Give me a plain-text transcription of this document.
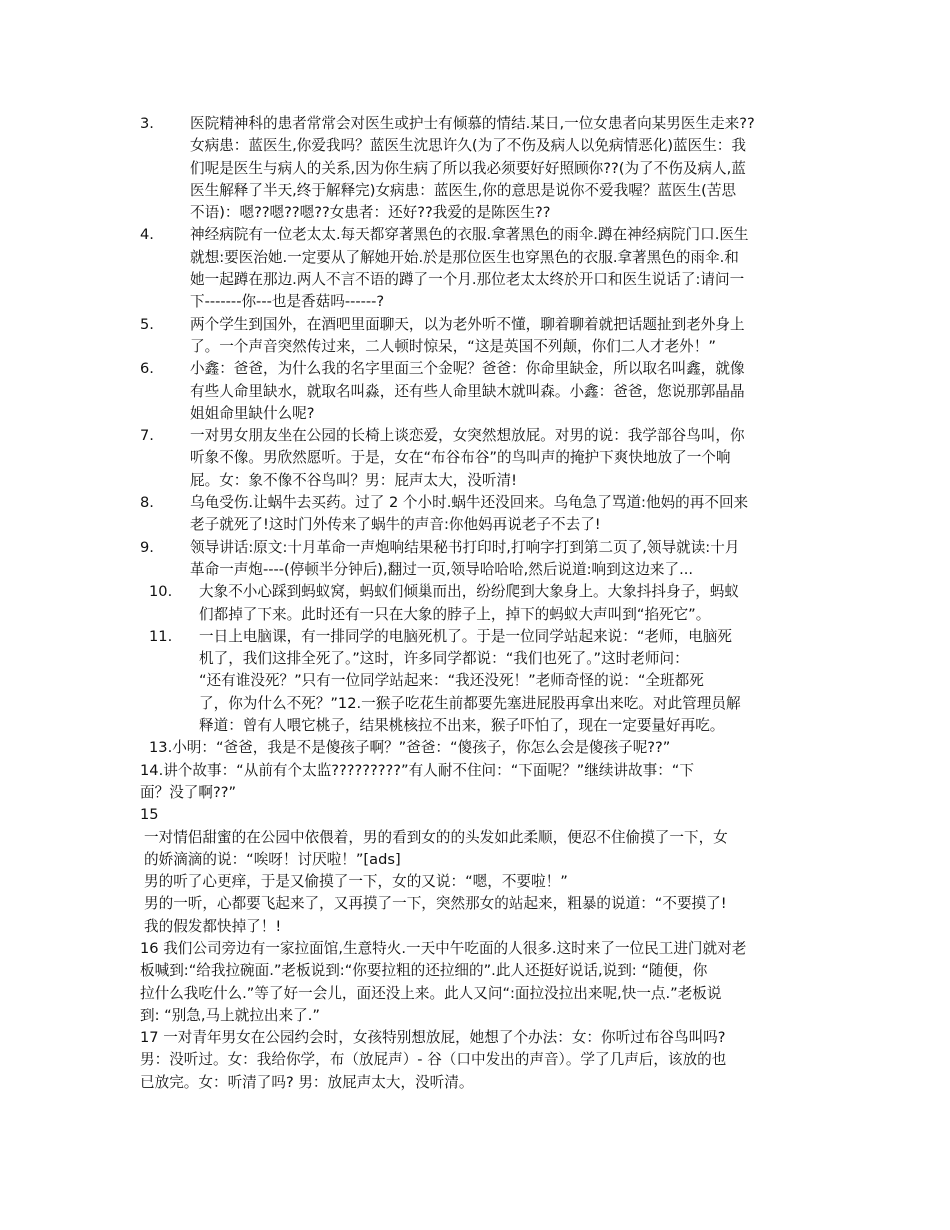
3.	医院精神科的患者常常会对医生或护士有倾慕的情结.某日,一位女患者向某男医生走来??
女病患：蓝医生,你爱我吗？蓝医生沈思许久(为了不伤及病人以免病情恶化)蓝医生：我
们呢是医生与病人的关系,因为你生病了所以我必须要好好照顾你??(为了不伤及病人,蓝
医生解释了半天,终于解释完)女病患：蓝医生,你的意思是说你不爱我喔？蓝医生(苦思
不语)：嗯??嗯??嗯??女患者：还好??我爱的是陈医生??
4.	神经病院有一位老太太.每天都穿著黑色的衣服.拿著黑色的雨伞.蹲在神经病院门口.医生
就想:要医治她.一定要从了解她开始.於是那位医生也穿黑色的衣服.拿著黑色的雨伞.和
她一起蹲在那边.两人不言不语的蹲了一个月.那位老太太终於开口和医生说话了:请问一
下-------你---也是香菇吗------?
5.	两个学生到国外，在酒吧里面聊天，以为老外听不懂，聊着聊着就把话题扯到老外身上
了。一个声音突然传过来，二人顿时惊呆，“这是英国不列颠，你们二人才老外！”
6.	小鑫：爸爸，为什么我的名字里面三个金呢？爸爸：你命里缺金，所以取名叫鑫，就像
有些人命里缺水，就取名叫淼，还有些人命里缺木就叫森。小鑫：爸爸，您说那郭晶晶
姐姐命里缺什么呢?
7.	一对男女朋友坐在公园的长椅上谈恋爱，女突然想放屁。对男的说：我学部谷鸟叫，你
听象不像。男欣然愿听。于是，女在“布谷布谷”的鸟叫声的掩护下爽快地放了一个响
屁。女：象不像不谷鸟叫？男：屁声太大，没听清!
8.	乌龟受伤.让蜗牛去买药。过了 2 个小时.蜗牛还没回来。乌龟急了骂道:他妈的再不回来
老子就死了!这时门外传来了蜗牛的声音:你他妈再说老子不去了!
9.	领导讲话:原文:十月革命一声炮响结果秘书打印时,打响字打到第二页了,领导就读:十月
革命一声炮----(停顿半分钟后),翻过一页,领导哈哈哈,然后说道:响到这边来了...
10.	大象不小心踩到蚂蚁窝，蚂蚁们倾巢而出，纷纷爬到大象身上。大象抖抖身子，蚂蚁
们都掉了下来。此时还有一只在大象的脖子上，掉下的蚂蚁大声叫到“掐死它”。
11.	一日上电脑课，有一排同学的电脑死机了。于是一位同学站起来说：“老师，电脑死
机了，我们这排全死了。”这时，许多同学都说：“我们也死了。”这时老师问：
“还有谁没死？”只有一位同学站起来：“我还没死！”老师奇怪的说：“全班都死
了，你为什么不死？”12.一猴子吃花生前都要先塞进屁股再拿出来吃。对此管理员解
释道：曾有人喂它桃子，结果桃核拉不出来，猴子吓怕了，现在一定要量好再吃。
13.小明：“爸爸，我是不是傻孩子啊？”爸爸：“傻孩子，你怎么会是傻孩子呢??”
14.讲个故事：“从前有个太监?????????”有人耐不住问：“下面呢？”继续讲故事：“下
面？没了啊??”
15
一对情侣甜蜜的在公园中依偎着，男的看到女的的头发如此柔顺，便忍不住偷摸了一下，女
的娇滴滴的说：“唉呀！讨厌啦！”[ads]
男的听了心更痒，于是又偷摸了一下，女的又说：“嗯，不要啦！”
男的一听，心都要飞起来了，又再摸了一下，突然那女的站起来，粗暴的说道：“不要摸了!
我的假发都快掉了！!
16 我们公司旁边有一家拉面馆,生意特火.一天中午吃面的人很多.这时来了一位民工进门就对老
板喊到:“给我拉碗面.”老板说到:“你要拉粗的还拉细的”.此人还挺好说话,说到: “随便，你
拉什么我吃什么.”等了好一会儿，面还没上来。此人又问“:面拉没拉出来呢,快一点.”老板说
到: “别急,马上就拉出来了.”
17 一对青年男女在公园约会时，女孩特别想放屁，她想了个办法：女：你听过布谷鸟叫吗?
男：没听过。女：我给你学，布（放屁声）- 谷（口中发出的声音）。学了几声后，该放的也
已放完。女：听清了吗? 男：放屁声太大，没听清。
